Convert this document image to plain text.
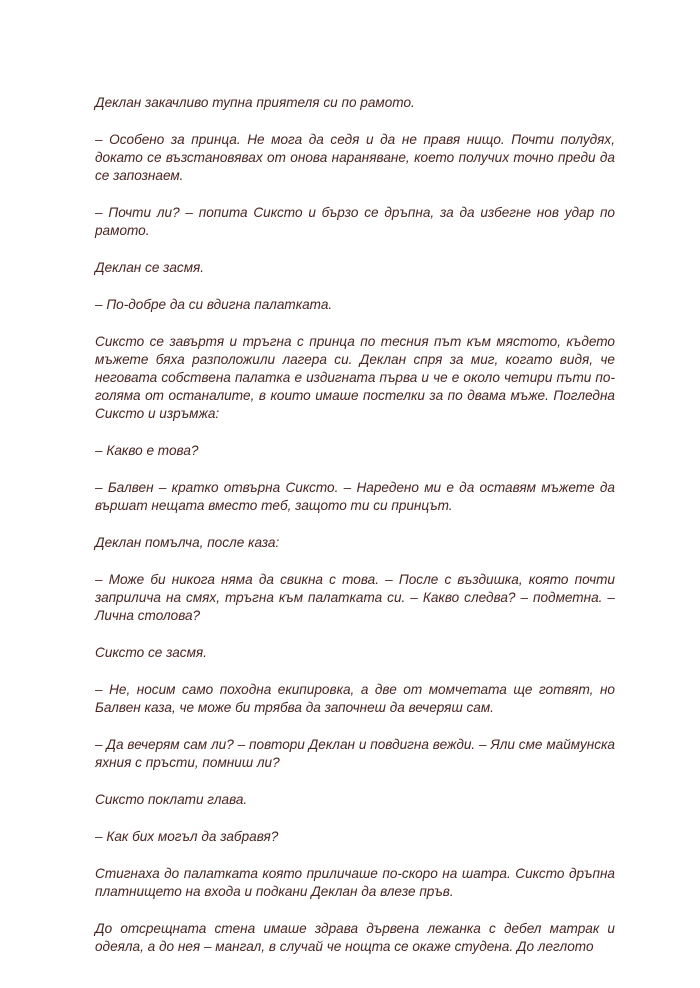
Деклан закачливо тупна приятеля си по рамото.

– Особено за принца. Не мога да седя и да не правя нищо. Почти полудях, докато се възстановявах от онова нараняване, което получих точно преди да се запознаем.

– Почти ли? – попита Сиксто и бързо се дръпна, за да избегне нов удар по рамото.

Деклан се засмя.

– По-добре да си вдигна палатката.

Сиксто се завъртя и тръгна с принца по тесния път към мястото, където мъжете бяха разположили лагера си. Деклан спря за миг, когато видя, че неговата собствена палатка е издигната първа и че е около четири пъти по-голяма от останалите, в които имаше постелки за по двама мъже. Погледна Сиксто и изръмжа:

– Какво е това?

– Балвен – кратко отвърна Сиксто. – Наредено ми е да оставям мъжете да вършат нещата вместо теб, защото ти си принцът.

Деклан помълча, после каза:

– Може би никога няма да свикна с това. – После с въздишка, която почти заприлича на смях, тръгна към палатката си. – Какво следва? – подметна. – Лична столова?

Сиксто се засмя.

– Не, носим само походна екипировка, а две от момчетата ще готвят, но Балвен каза, че може би трябва да започнеш да вечеряш сам.

– Да вечерям сам ли? – повтори Деклан и повдигна вежди. – Яли сме маймунска яхния с пръсти, помниш ли?

Сиксто поклати глава.

– Как бих могъл да забравя?

Стигнаха до палатката която приличаше по-скоро на шатра. Сиксто дръпна платнището на входа и подкани Деклан да влезе пръв.

До отсрещната стена имаше здрава дървена лежанка с дебел матрак и одеяла, а до нея – мангал, в случай че нощта се окаже студена. До леглото
